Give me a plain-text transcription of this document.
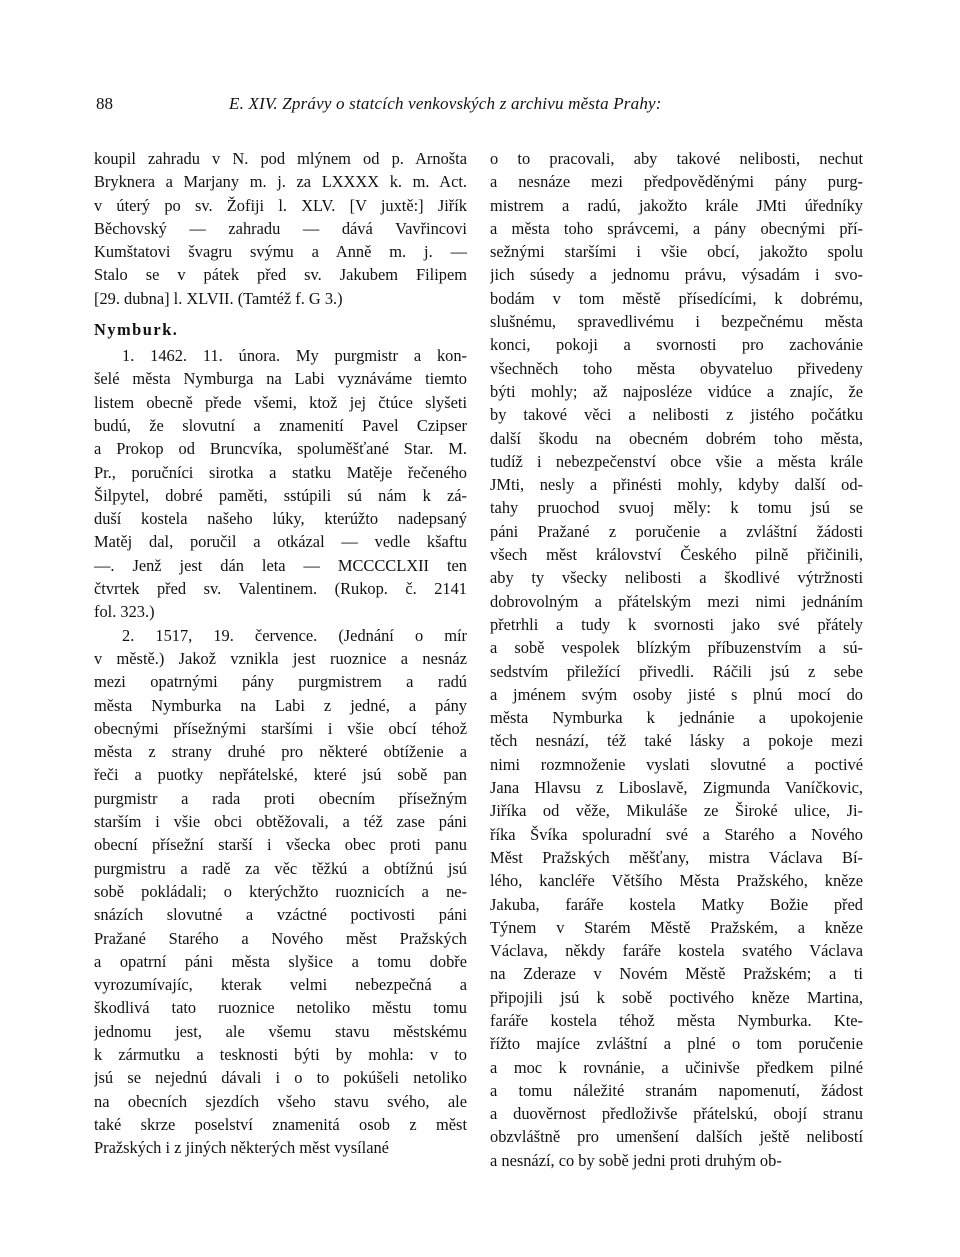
88	E. XIV. Zprávy o statcích venkovských z archivu města Prahy:
koupil zahradu v N. pod mlýnem od p. Arnošta
Bryknera a Marjany m. j. za LXXXX k. m. Act.
v úterý po sv. Žofiji l. XLV. [V juxtě:] Jiřík
Běchovský — zahradu — dává Vavřincovi
Kumštatovi švagru svýmu a Anně m. j. —
Stalo se v pátek před sv. Jakubem Filipem
[29. dubna] l. XLVII. (Tamtéž f. G 3.)
Nymburk.
1. 1462. 11. února. My purgmistr a kon-
šelé města Nymburga na Labi vyznáváme tiemto
listem obecně přede všemi, ktož jej čtúce slyšeti
budú, že slovutní a znamenití Pavel Czipser
a Prokop od Bruncvíka, spoluměšťané Star. M.
Pr., poručníci sirotka a statku Matěje řečeného
Šilpytel, dobré paměti, sstúpili sú nám k zá-
duší kostela našeho lúky, kterúžto nadepsaný
Matěj dal, poručil a otkázal — vedle kšaftu
—. Jenž jest dán leta — MCCCCLXII ten
čtvrtek před sv. Valentinem. (Rukop. č. 2141
fol. 323.)
2. 1517, 19. července. (Jednání o mír
v městě.) Jakož vznikla jest ruoznice a nesnáz
mezi opatrnými pány purgmistrem a radú
města Nymburka na Labi z jedné, a pány
obecnými přísežnými staršími i všie obcí téhož
města z strany druhé pro některé obtíženie a
řeči a puotky nepřátelské, které jsú sobě pan
purgmistr a rada proti obecním přísežným
starším i všie obci obtěžovali, a též zase páni
obecní přísežní starší i všecka obec proti panu
purgmistru a radě za věc těžkú a obtížnú jsú
sobě pokládali; o kterýchžto ruoznicích a ne-
snázích slovutné a vzáctné poctivosti páni
Pražané Starého a Nového měst Pražských
a opatrní páni města slyšice a tomu dobře
vyrozumívajíc, kterak velmi nebezpečná a
škodlivá tato ruoznice netoliko městu tomu
jednomu jest, ale všemu stavu městskému
k zármutku a tesknosti býti by mohla: v to
jsú se nejednú dávali i o to pokúšeli netoliko
na obecních sjezdích všeho stavu svého, ale
také skrze poselství znamenitá osob z měst
Pražských i z jiných některých měst vysílané
o to pracovali, aby takové nelibosti, nechut
a nesnáze mezi předpověděnými pány purg-
mistrem a radú, jakožto krále JMti úředníky
a města toho správcemi, a pány obecnými pří-
sežnými staršími i všie obcí, jakožto spolu
jich súsedy a jednomu právu, výsadám i svo-
bodám v tom městě přísedícími, k dobrému,
slušnému, spravedlivému i bezpečnému města
konci, pokoji a svornosti pro zachovánie
všechněch toho města obyvateluo přivedeny
býti mohly; až najposléze vidúce a znajíc, že
by takové věci a nelibosti z jistého počátku
další škodu na obecném dobrém toho města,
tudíž i nebezpečenství obce všie a města krále
JMti, nesly a přinésti mohly, kdyby další od-
tahy pruochod svuoj měly: k tomu jsú se
páni Pražané z poručenie a zvláštní žádosti
všech měst království Českého pilně přičinili,
aby ty všecky nelibosti a škodlivé výtržnosti
dobrovolným a přátelským mezi nimi jednáním
přetrhli a tudy k svornosti jako své přátely
a sobě vespolek blízkým příbuzenstvím a sú-
sedstvím přiležící přivedli. Ráčili jsú z sebe
a jménem svým osoby jisté s plnú mocí do
města Nymburka k jednánie a upokojenie
těch nesnází, též také lásky a pokoje mezi
nimi rozmnoženie vyslati slovutné a poctivé
Jana Hlavsu z Liboslavě, Zigmunda Vaníčkovic,
Jiříka od věže, Mikuláše ze Široké ulice, Ji-
říka Švíka spoluradní své a Starého a Nového
Měst Pražských měšťany, mistra Václava Bí-
lého, kancléře Většího Města Pražského, kněze
Jakuba, faráře kostela Matky Božie před
Týnem v Starém Městě Pražském, a kněze
Václava, někdy faráře kostela svatého Václava
na Zderaze v Novém Městě Pražském; a ti
připojili jsú k sobě poctivého kněze Martina,
faráře kostela téhož města Nymburka. Kte-
řížto majíce zvláštní a plné o tom poručenie
a moc k rovnánie, a učinivše předkem pilné
a tomu náležité stranám napomenutí, žádost
a duověrnost předloživše přátelskú, obojí stranu
obzvláštně pro umenšení dalších ještě nelibostí
a nesnází, co by sobě jedni proti druhým ob-
